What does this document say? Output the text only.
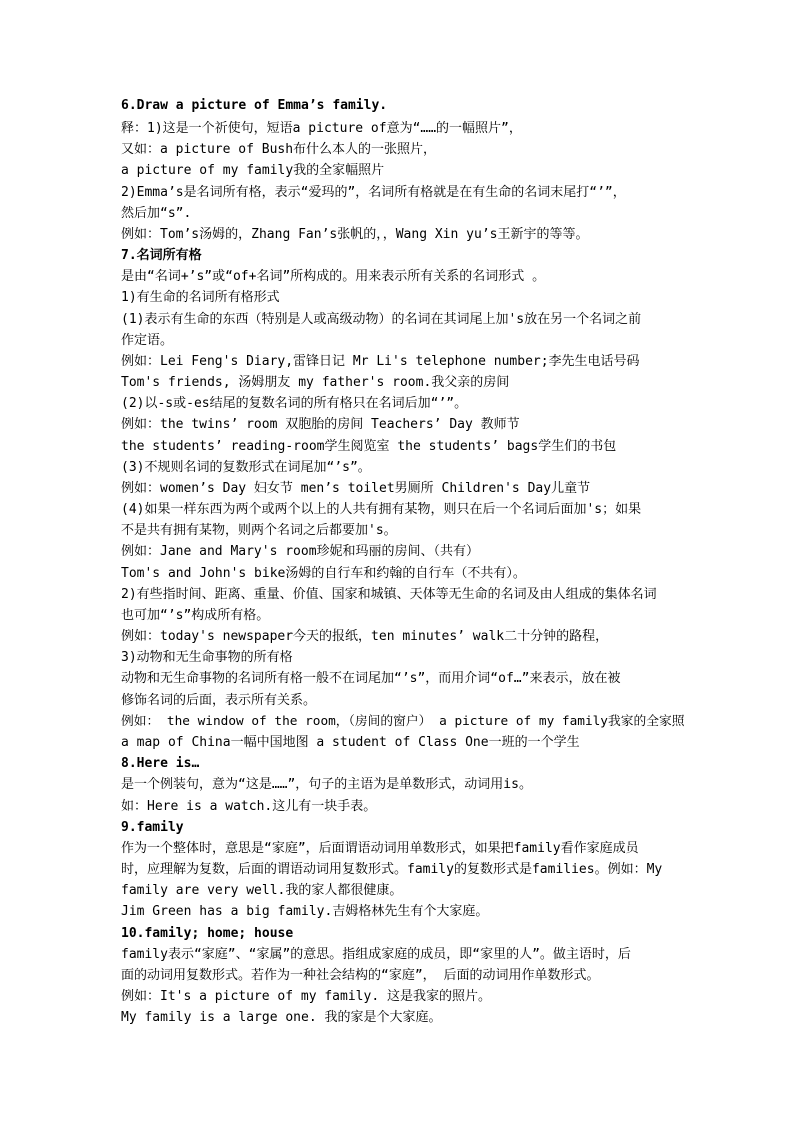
6.Draw a picture of Emma’s family.
释：1)这是一个祈使句，短语a picture of意为“……的一幅照片”，
又如：a picture of Bush布什么本人的一张照片，
a picture of my family我的全家幅照片
2)Emma’s是名词所有格，表示“爱玛的”，名词所有格就是在有生命的名词末尾打“’”，
然后加“s”.
例如：Tom’s汤姆的，Zhang Fan’s张帆的，，Wang Xin yu’s王新宇的等等。
7.名词所有格
是由“名词+’s”或“of+名词”所构成的。用来表示所有关系的名词形式 。
1)有生命的名词所有格形式
(1)表示有生命的东西（特别是人或高级动物）的名词在其词尾上加's放在另一个名词之前
作定语。
例如：Lei Feng's Diary,雷锋日记 Mr Li's telephone number;李先生电话号码
Tom's friends, 汤姆朋友 my father's room.我父亲的房间
(2)以-s或-es结尾的复数名词的所有格只在名词后加“’”。
例如：the twins’ room 双胞胎的房间 Teachers’ Day 教师节
the students’ reading-room学生阅览室 the students’ bags学生们的书包
(3)不规则名词的复数形式在词尾加“’s”。
例如：women’s Day 妇女节 men’s toilet男厕所 Children's Day儿童节
(4)如果一样东西为两个或两个以上的人共有拥有某物，则只在后一个名词后面加's；如果
不是共有拥有某物，则两个名词之后都要加's。
例如：Jane and Mary's room珍妮和玛丽的房间、（共有）
Tom's and John's bike汤姆的自行车和约翰的自行车（不共有）。
2)有些指时间、距离、重量、价值、国家和城镇、天体等无生命的名词及由人组成的集体名词
也可加“’s”构成所有格。
例如：today's newspaper今天的报纸，ten minutes’ walk二十分钟的路程，
3)动物和无生命事物的所有格
动物和无生命事物的名词所有格一般不在词尾加“’s”，而用介词“of…”来表示，放在被
修饰名词的后面，表示所有关系。
例如： the window of the room，（房间的窗户） a picture of my family我家的全家照
a map of China一幅中国地图 a student of Class One一班的一个学生
8.Here is…
是一个例装句，意为“这是……”，句子的主语为是单数形式，动词用is。
如：Here is a watch.这儿有一块手表。
9.family
作为一个整体时，意思是“家庭”，后面谓语动词用单数形式，如果把family看作家庭成员
时，应理解为复数，后面的谓语动词用复数形式。family的复数形式是families。例如：My
family are very well.我的家人都很健康。
Jim Green has a big family.吉姆格林先生有个大家庭。
10.family; home; house
family表示“家庭”、“家属”的意思。指组成家庭的成员，即“家里的人”。做主语时，后
面的动词用复数形式。若作为一种社会结构的“家庭”， 后面的动词用作单数形式。
例如：It's a picture of my family. 这是我家的照片。
My family is a large one. 我的家是个大家庭。
